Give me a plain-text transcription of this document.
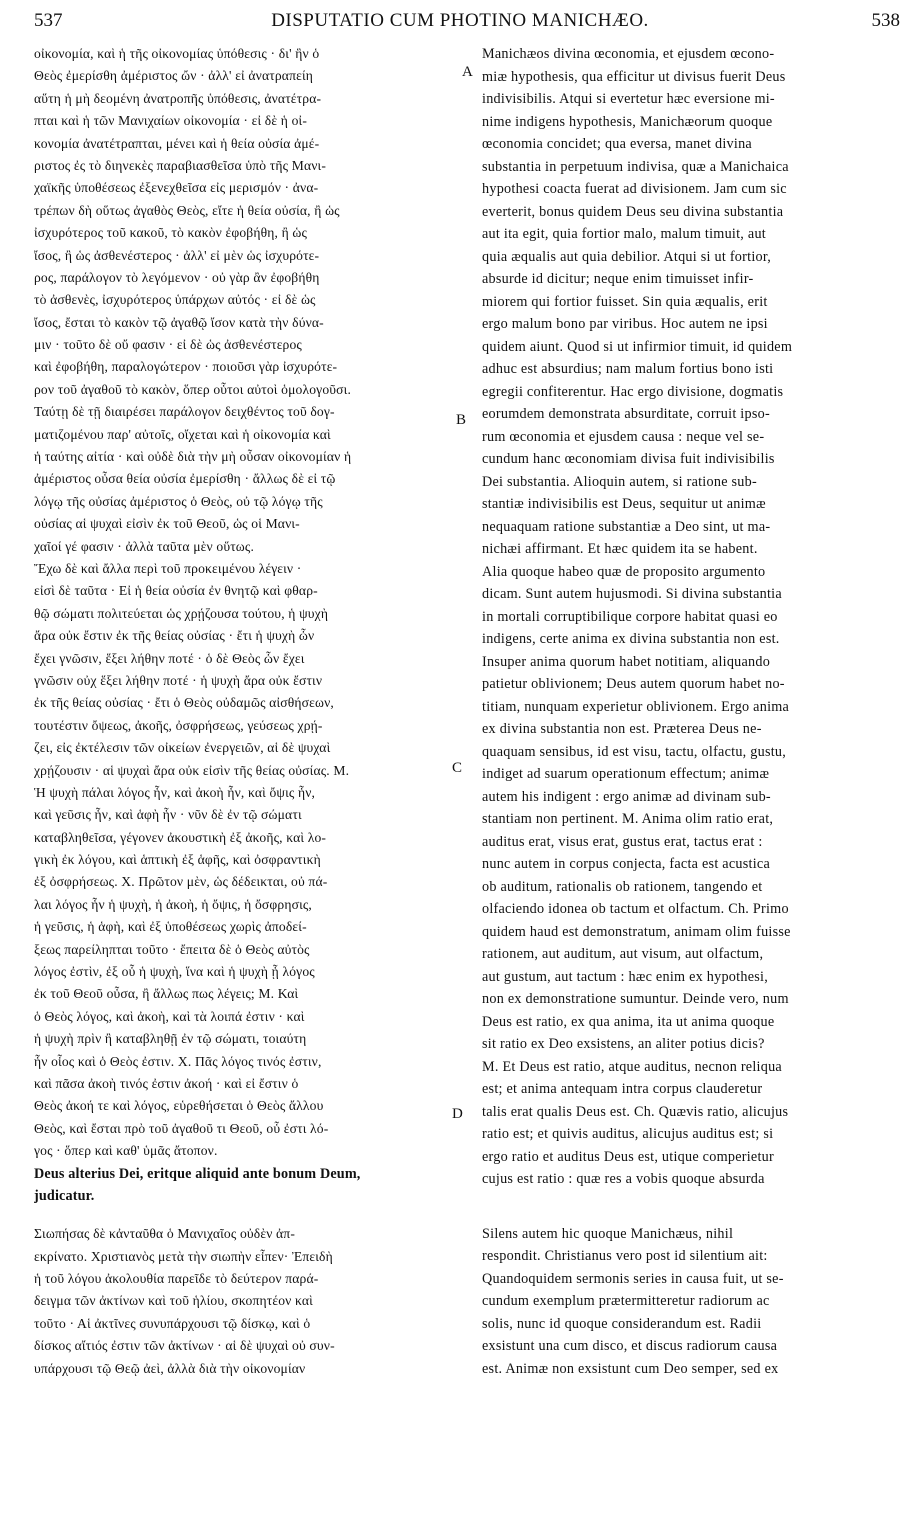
537	DISPUTATIO CUM PHOTINO MANICHÆO.	538
A
B
C
D
οἰκονομία, καὶ ἡ τῆς οἰκονομίας ὑπόθεσις · δι' ἣν ὁ
Θεὸς ἐμερίσθη ἀμέριστος ὤν · ἀλλ' εἰ ἀνατραπείη
αὕτη ἡ μὴ δεομένη ἀνατροπῆς ὑπόθεσις, ἀνατέτρα-
πται καὶ ἡ τῶν Μανιχαίων οἰκονομία · εἰ δὲ ἡ οἰ-
κονομία ἀνατέτραπται, μένει καὶ ἡ θεία οὐσία ἀμέ-
ριστος ἐς τὸ διηνεκὲς παραβιασθεῖσα ὑπὸ τῆς Μανι-
χαϊκῆς ὑποθέσεως ἐξενεχθεῖσα εἰς μερισμόν · ἀνα-
τρέπων δὴ οὕτως ἀγαθὸς Θεὸς, εἴτε ἡ θεία οὐσία, ἢ ὡς
ἰσχυρότερος τοῦ κακοῦ, τὸ κακὸν ἐφοβήθη, ἢ ὡς
ἴσος, ἢ ὡς ἀσθενέστερος · ἀλλ' εἰ μὲν ὡς ἰσχυρότε-
ρος, παράλογον τὸ λεγόμενον · οὐ γὰρ ἂν ἐφοβήθη
τὸ ἀσθενὲς, ἰσχυρότερος ὑπάρχων αὐτός · εἰ δὲ ὡς
ἴσος, ἔσται τὸ κακὸν τῷ ἀγαθῷ ἴσον κατὰ τὴν δύνα-
μιν · τοῦτο δὲ οὔ φασιν · εἰ δὲ ὡς ἀσθενέστερος
καὶ ἐφοβήθη, παραλογώτερον · ποιοῦσι γὰρ ἰσχυρότε-
ρον τοῦ ἀγαθοῦ τὸ κακὸν, ὅπερ οὗτοι αὐτοὶ ὁμολογοῦσι.
Ταύτῃ δὲ τῇ διαιρέσει παράλογον δειχθέντος τοῦ δογ-
ματιζομένου παρ' αὐτοῖς, οἴχεται καὶ ἡ οἰκονομία καὶ
ἡ ταύτης αἰτία · καὶ οὐδὲ διὰ τὴν μὴ οὖσαν οἰκονομίαν ἡ
ἀμέριστος οὖσα θεία οὐσία ἐμερίσθη · ἄλλως δὲ εἰ τῷ
λόγῳ τῆς οὐσίας ἀμέριστος ὁ Θεὸς, οὐ τῷ λόγῳ τῆς
οὐσίας αἱ ψυχαὶ εἰσὶν ἐκ τοῦ Θεοῦ, ὡς οἱ Μανι-
χαῖοί γέ φασιν · ἀλλὰ ταῦτα μὲν οὕτως.
Ἔχω δὲ καὶ ἄλλα περὶ τοῦ προκειμένου λέγειν ·
εἰσὶ δὲ ταῦτα · Εἰ ἡ θεία οὐσία ἐν θνητῷ καὶ φθαρ-
θῷ σώματι πολιτεύεται ὡς χρῄζουσα τούτου, ἡ ψυχὴ
ἄρα οὐκ ἔστιν ἐκ τῆς θείας οὐσίας · ἔτι ἡ ψυχὴ ὧν
ἔχει γνῶσιν, ἕξει λήθην ποτέ · ὁ δὲ Θεὸς ὧν ἔχει
γνῶσιν οὐχ ἕξει λήθην ποτέ · ἡ ψυχὴ ἄρα οὐκ ἔστιν
ἐκ τῆς θείας οὐσίας · ἔτι ὁ Θεὸς οὐδαμῶς αἰσθήσεων,
τουτέστιν ὄψεως, ἀκοῆς, ὀσφρήσεως, γεύσεως χρῄ-
ζει, εἰς ἐκτέλεσιν τῶν οἰκείων ἐνεργειῶν, αἱ δὲ ψυχαὶ
χρῄζουσιν · αἱ ψυχαὶ ἄρα οὐκ εἰσὶν τῆς θείας οὐσίας. Μ.
Ἡ ψυχὴ πάλαι λόγος ἦν, καὶ ἀκοὴ ἦν, καὶ ὄψις ἦν,
καὶ γεῦσις ἦν, καὶ ἁφὴ ἦν · νῦν δὲ ἐν τῷ σώματι
καταβληθεῖσα, γέγονεν ἀκουστικὴ ἐξ ἀκοῆς, καὶ λο-
γικὴ ἐκ λόγου, καὶ ἁπτικὴ ἐξ ἁφῆς, καὶ ὀσφραντικὴ
ἐξ ὀσφρήσεως. Χ. Πρῶτον μὲν, ὡς δέδεικται, οὐ πά-
λαι λόγος ἦν ἡ ψυχὴ, ἡ ἀκοὴ, ἡ ὄψις, ἡ ὄσφρησις,
ἡ γεῦσις, ἡ ἁφὴ, καὶ ἐξ ὑποθέσεως χωρὶς ἀποδεί-
ξεως παρείληπται τοῦτο · ἔπειτα δὲ ὁ Θεὸς αὐτὸς
λόγος ἐστὶν, ἐξ οὗ ἡ ψυχὴ, ἵνα καὶ ἡ ψυχὴ ᾖ λόγος
ἐκ τοῦ Θεοῦ οὖσα, ἢ ἄλλως πως λέγεις; Μ. Καὶ
ὁ Θεὸς λόγος, καὶ ἀκοὴ, καὶ τὰ λοιπά ἐστιν · καὶ
ἡ ψυχὴ πρὶν ἢ καταβληθῇ ἐν τῷ σώματι, τοιαύτη
ἦν οἷος καὶ ὁ Θεὸς ἐστιν. Χ. Πᾶς λόγος τινός ἐστιν,
καὶ πᾶσα ἀκοὴ τινός ἐστιν ἀκοή · καὶ εἰ ἔστιν ὁ
Θεὸς ἀκοή τε καὶ λόγος, εὑρεθήσεται ὁ Θεὸς ἄλλου
Θεὸς, καὶ ἔσται πρὸ τοῦ ἀγαθοῦ τι Θεοῦ, οὗ ἐστι λό-
γος · ὅπερ καὶ καθ' ὑμᾶς ἄτοπον.
Deus alterius Dei, eritque aliquid ante bonum Deum,
judicatur.
Σιωπήσας δὲ κἀνταῦθα ὁ Μανιχαῖος οὐδὲν ἀπ-
εκρίνατο. Χριστιανὸς μετὰ τὴν σιωπὴν εἶπεν· Ἐπειδὴ
ἡ τοῦ λόγου ἀκολουθία παρεῖδε τὸ δεύτερον παρά-
δειγμα τῶν ἀκτίνων καὶ τοῦ ἡλίου, σκοπητέον καὶ
τοῦτο · Αἱ ἀκτῖνες συνυπάρχουσι τῷ δίσκῳ, καὶ ὁ
δίσκος αἴτιός ἐστιν τῶν ἀκτίνων · αἱ δὲ ψυχαὶ οὐ συν-
υπάρχουσι τῷ Θεῷ ἀεὶ, ἀλλὰ διὰ τὴν οἰκονομίαν
Manichæos divina œconomia, et ejusdem œcono-
miæ hypothesis, qua efficitur ut divisus fuerit Deus
indivisibilis. Atqui si evertetur hæc eversione mi-
nime indigens hypothesis, Manichæorum quoque
œconomia concidet; qua eversa, manet divina
substantia in perpetuum indivisa, quæ a Manichaica
hypothesi coacta fuerat ad divisionem. Jam cum sic
everterit, bonus quidem Deus seu divina substantia
aut ita egit, quia fortior malo, malum timuit, aut
quia æqualis aut quia debilior. Atqui si ut fortior,
absurde id dicitur; neque enim timuisset infir-
miorem qui fortior fuisset. Sin quia æqualis, erit
ergo malum bono par viribus. Hoc autem ne ipsi
quidem aiunt. Quod si ut infirmior timuit, id quidem
adhuc est absurdius; nam malum fortius bono isti
egregii confiterentur. Hac ergo divisione, dogmatis
eorumdem demonstrata absurditate, corruit ipso-
rum œconomia et ejusdem causa : neque vel se-
cundum hanc œconomiam divisa fuit indivisibilis
Dei substantia. Alioquin autem, si ratione sub-
stantiæ indivisibilis est Deus, sequitur ut animæ
nequaquam ratione substantiæ a Deo sint, ut ma-
nichæi affirmant. Et hæc quidem ita se habent.
Alia quoque habeo quæ de proposito argumento
dicam. Sunt autem hujusmodi. Si divina substantia
in mortali corruptibilique corpore habitat quasi eo
indigens, certe anima ex divina substantia non est.
Insuper anima quorum habet notitiam, aliquando
patietur oblivionem; Deus autem quorum habet no-
titiam, nunquam experietur oblivionem. Ergo anima
ex divina substantia non est. Præterea Deus ne-
quaquam sensibus, id est visu, tactu, olfactu, gustu,
indiget ad suarum operationum effectum; animæ
autem his indigent : ergo animæ ad divinam sub-
stantiam non pertinent. M. Anima olim ratio erat,
auditus erat, visus erat, gustus erat, tactus erat :
nunc autem in corpus conjecta, facta est acustica
ob auditum, rationalis ob rationem, tangendo et
olfaciendo idonea ob tactum et olfactum. Ch. Primo
quidem haud est demonstratum, animam olim fuisse
rationem, aut auditum, aut visum, aut olfactum,
aut gustum, aut tactum : hæc enim ex hypothesi,
non ex demonstratione sumuntur. Deinde vero, num
Deus est ratio, ex qua anima, ita ut anima quoque
sit ratio ex Deo exsistens, an aliter potius dicis?
M. Et Deus est ratio, atque auditus, necnon reliqua
est; et anima antequam intra corpus clauderetur
talis erat qualis Deus est. Ch. Quævis ratio, alicujus
ratio est; et quivis auditus, alicujus auditus est; si
ergo ratio et auditus Deus est, utique comperietur
cujus est ratio : quæ res a vobis quoque absurda
Silens autem hic quoque Manichæus, nihil
respondit. Christianus vero post id silentium ait:
Quandoquidem sermonis series in causa fuit, ut se-
cundum exemplum prætermitteretur radiorum ac
solis, nunc id quoque considerandum est. Radii
exsistunt una cum disco, et discus radiorum causa
est. Animæ non exsistunt cum Deo semper, sed ex
